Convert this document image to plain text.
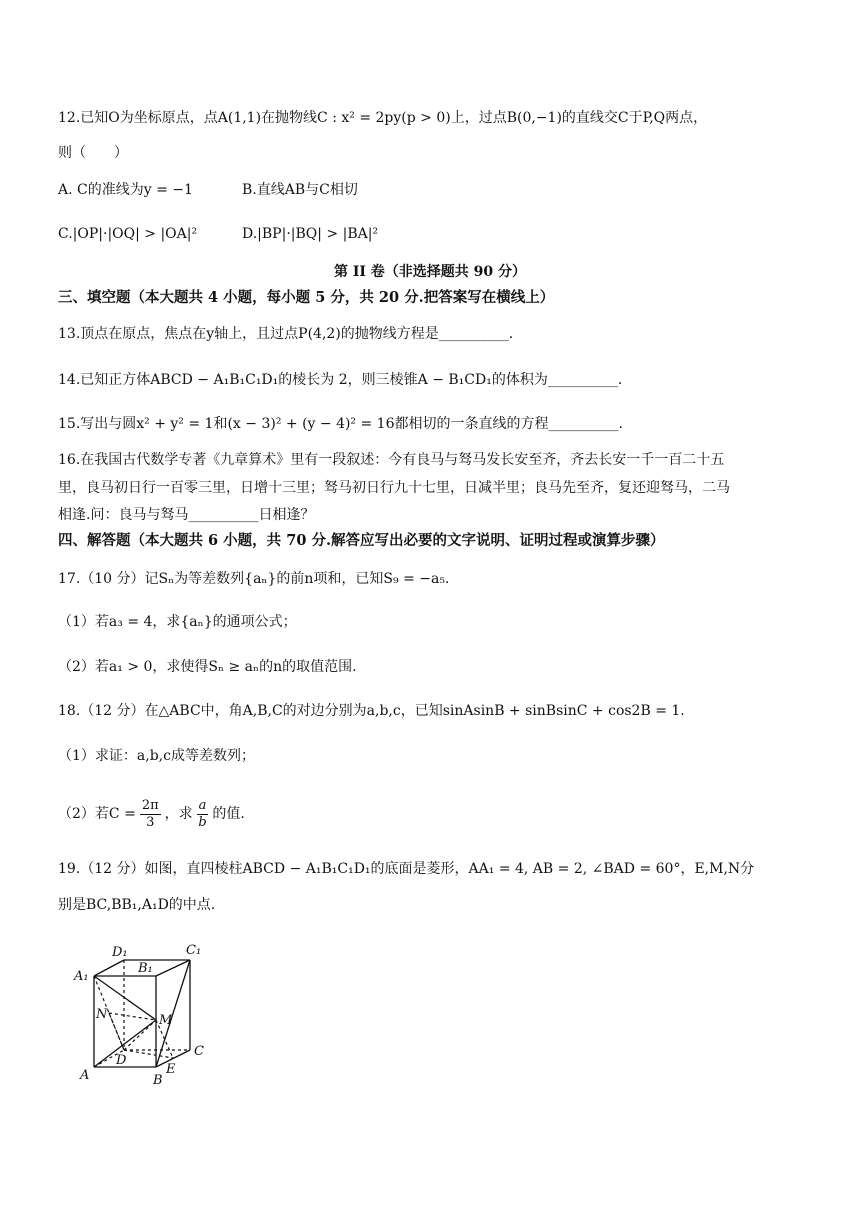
12.已知O为坐标原点，点A(1,1)在抛物线C : x² = 2py(p > 0)上，过点B(0,−1)的直线交C于P,Q两点，
则（　　）
A. C的准线为y = −1	B.直线AB与C相切
C.|OP|·|OQ| > |OA|²	D.|BP|·|BQ| > |BA|²
第 II 卷（非选择题共 90 分）
三、填空题（本大题共 4 小题，每小题 5 分，共 20 分.把答案写在横线上）
13.顶点在原点，焦点在y轴上，且过点P(4,2)的抛物线方程是__________.
14.已知正方体ABCD − A₁B₁C₁D₁的棱长为 2，则三棱锥A − B₁CD₁的体积为__________.
15.写出与圆x² + y² = 1和(x − 3)² + (y − 4)² = 16都相切的一条直线的方程__________.
16.在我国古代数学专著《九章算术》里有一段叙述：今有良马与驽马发长安至齐，齐去长安一千一百二十五
里，良马初日行一百零三里，日增十三里；驽马初日行九十七里，日减半里；良马先至齐，复还迎驽马，二马
相逢.问：良马与驽马__________日相逢？
四、解答题（本大题共 6 小题，共 70 分.解答应写出必要的文字说明、证明过程或演算步骤）
17.（10 分）记Sₙ为等差数列{aₙ}的前n项和，已知S₉ = −a₅.
（1）若a₃ = 4，求{aₙ}的通项公式；
（2）若a₁ > 0，求使得Sₙ ≥ aₙ的n的取值范围.
18.（12 分）在△ABC中，角A,B,C的对边分别为a,b,c，已知sinAsinB + sinBsinC + cos2B = 1.
（1）求证：a,b,c成等差数列；
（2）若$C = \frac{2\pi}{3}$ ，求 $\frac{a}{b}$ 的值.
19.（12 分）如图，直四棱柱ABCD − A₁B₁C₁D₁的底面是菱形，AA₁ = 4, AB = 2, ∠BAD = 60°，E,M,N分
别是BC,BB₁,A₁D的中点.
A₁
B₁
C₁
D₁
N	M
D
C
E
A	B
